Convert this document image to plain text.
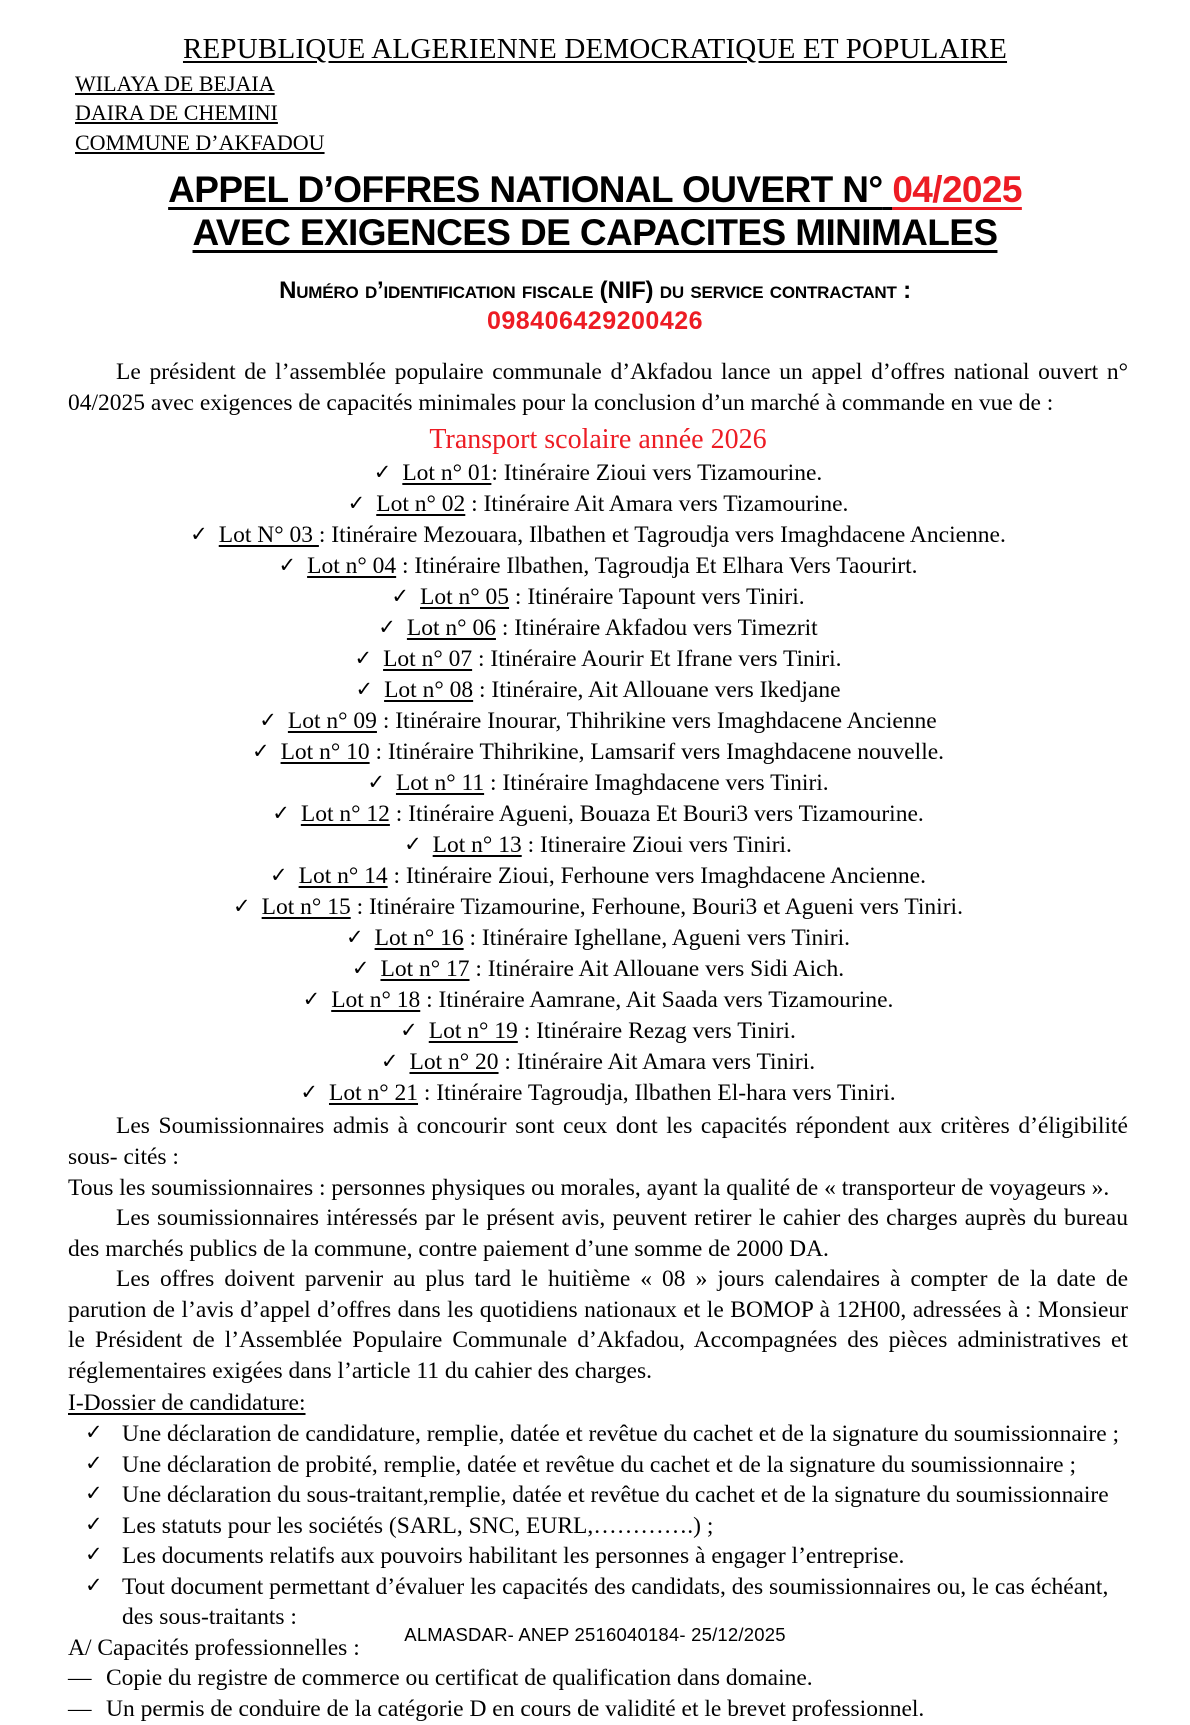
REPUBLIQUE ALGERIENNE DEMOCRATIQUE ET POPULAIRE
WILAYA DE BEJAIA
DAIRA DE CHEMINI
COMMUNE D’AKFADOU
APPEL D’OFFRES NATIONAL OUVERT N° 04/2025
AVEC EXIGENCES DE CAPACITES MINIMALES
Numéro d’identification fiscale (NIF) du service contractant :
098406429200426

Le président de l’assemblée populaire communale d’Akfadou lance un appel d’offres national ouvert n° 04/2025 avec exigences de capacités minimales pour la conclusion d’un marché à commande en vue de :

Transport scolaire année 2026
✓ Lot n° 01: Itinéraire Zioui vers Tizamourine.
✓ Lot n° 02 : Itinéraire Ait Amara vers Tizamourine.
✓ Lot N° 03 : Itinéraire Mezouara, Ilbathen et Tagroudja vers Imaghdacene Ancienne.
✓ Lot n° 04 : Itinéraire Ilbathen, Tagroudja Et Elhara Vers Taourirt.
✓ Lot n° 05 : Itinéraire Tapount vers Tiniri.
✓ Lot n° 06 : Itinéraire Akfadou vers Timezrit
✓ Lot n° 07 : Itinéraire Aourir Et Ifrane vers Tiniri.
✓ Lot n° 08 : Itinéraire, Ait Allouane vers Ikedjane
✓ Lot n° 09 : Itinéraire Inourar, Thihrikine vers Imaghdacene Ancienne
✓ Lot n° 10 : Itinéraire Thihrikine, Lamsarif vers Imaghdacene nouvelle.
✓ Lot n° 11 : Itinéraire Imaghdacene vers Tiniri.
✓ Lot n° 12 : Itinéraire Agueni, Bouaza Et Bouri3 vers Tizamourine.
✓ Lot n° 13 : Itineraire Zioui vers Tiniri.
✓ Lot n° 14 : Itinéraire Zioui, Ferhoune vers Imaghdacene Ancienne.
✓ Lot n° 15 : Itinéraire Tizamourine, Ferhoune, Bouri3 et Agueni vers Tiniri.
✓ Lot n° 16 : Itinéraire Ighellane, Agueni vers Tiniri.
✓ Lot n° 17 : Itinéraire Ait Allouane vers Sidi Aich.
✓ Lot n° 18 : Itinéraire Aamrane, Ait Saada vers Tizamourine.
✓ Lot n° 19 : Itinéraire Rezag vers Tiniri.
✓ Lot n° 20 : Itinéraire Ait Amara vers Tiniri.
✓ Lot n° 21 : Itinéraire Tagroudja, Ilbathen El-hara vers Tiniri.

Les Soumissionnaires admis à concourir sont ceux dont les capacités répondent aux critères d’éligibilité sous- cités :

Tous les soumissionnaires : personnes physiques ou morales, ayant la qualité de « transporteur de voyageurs ».

Les soumissionnaires intéressés par le présent avis, peuvent retirer le cahier des charges auprès du bureau des marchés publics de la commune, contre paiement d’une somme de 2000 DA.

Les offres doivent parvenir au plus tard le huitième « 08 » jours calendaires à compter de la date de parution de l’avis d’appel d’offres dans les quotidiens nationaux et le BOMOP à 12H00, adressées à : Monsieur le Président de l’Assemblée Populaire Communale d’Akfadou, Accompagnées des pièces administratives et réglementaires exigées dans l’article 11 du cahier des charges.

I-Dossier de candidature:
✓ Une déclaration de candidature, remplie, datée et revêtue du cachet et de la signature du soumissionnaire ;
✓ Une déclaration de probité, remplie, datée et revêtue du cachet et de la signature du soumissionnaire ;
✓ Une déclaration du sous-traitant,remplie, datée et revêtue du cachet et de la signature du soumissionnaire
✓ Les statuts pour les sociétés (SARL, SNC, EURL,………….) ;
✓ Les documents relatifs aux pouvoirs habilitant les personnes à engager l’entreprise.
✓ Tout document permettant d’évaluer les capacités des candidats, des soumissionnaires ou, le cas échéant, des sous-traitants :
A/ Capacités professionnelles :
— Copie du registre de commerce ou certificat de qualification dans domaine.
— Un permis de conduire de la catégorie D en cours de validité et le brevet professionnel.
ALMASDAR- ANEP 2516040184- 25/12/2025
